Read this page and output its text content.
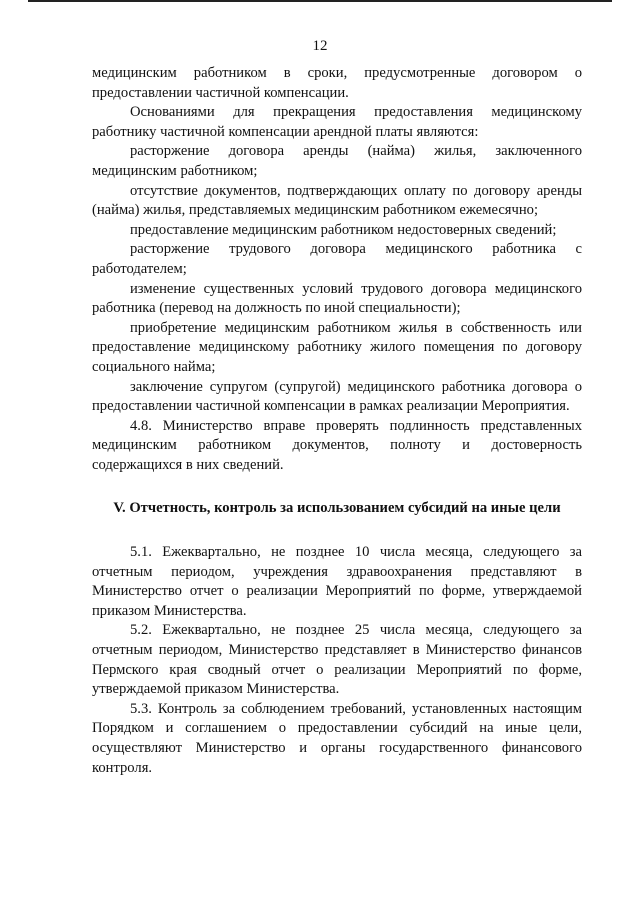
12

медицинским работником в сроки, предусмотренные договором о предоставлении частичной компенсации.

Основаниями для прекращения предоставления медицинскому работнику частичной компенсации арендной платы являются:

расторжение договора аренды (найма) жилья, заключенного медицинским работником;

отсутствие документов, подтверждающих оплату по договору аренды (найма) жилья, представляемых медицинским работником ежемесячно;

предоставление медицинским работником недостоверных сведений;

расторжение трудового договора медицинского работника с работодателем;

изменение существенных условий трудового договора медицинского работника (перевод на должность по иной специальности);

приобретение медицинским работником жилья в собственность или предоставление медицинскому работнику жилого помещения по договору социального найма;

заключение супругом (супругой) медицинского работника договора о предоставлении частичной компенсации в рамках реализации Мероприятия.

4.8. Министерство вправе проверять подлинность представленных медицинским работником документов, полноту и достоверность содержащихся в них сведений.

V. Отчетность, контроль за использованием субсидий на иные цели

5.1. Ежеквартально, не позднее 10 числа месяца, следующего за отчетным периодом, учреждения здравоохранения представляют в Министерство отчет о реализации Мероприятий по форме, утверждаемой приказом Министерства.

5.2. Ежеквартально, не позднее 25 числа месяца, следующего за отчетным периодом, Министерство представляет в Министерство финансов Пермского края сводный отчет о реализации Мероприятий по форме, утверждаемой приказом Министерства.

5.3. Контроль за соблюдением требований, установленных настоящим Порядком и соглашением о предоставлении субсидий на иные цели, осуществляют Министерство и органы государственного финансового контроля.
